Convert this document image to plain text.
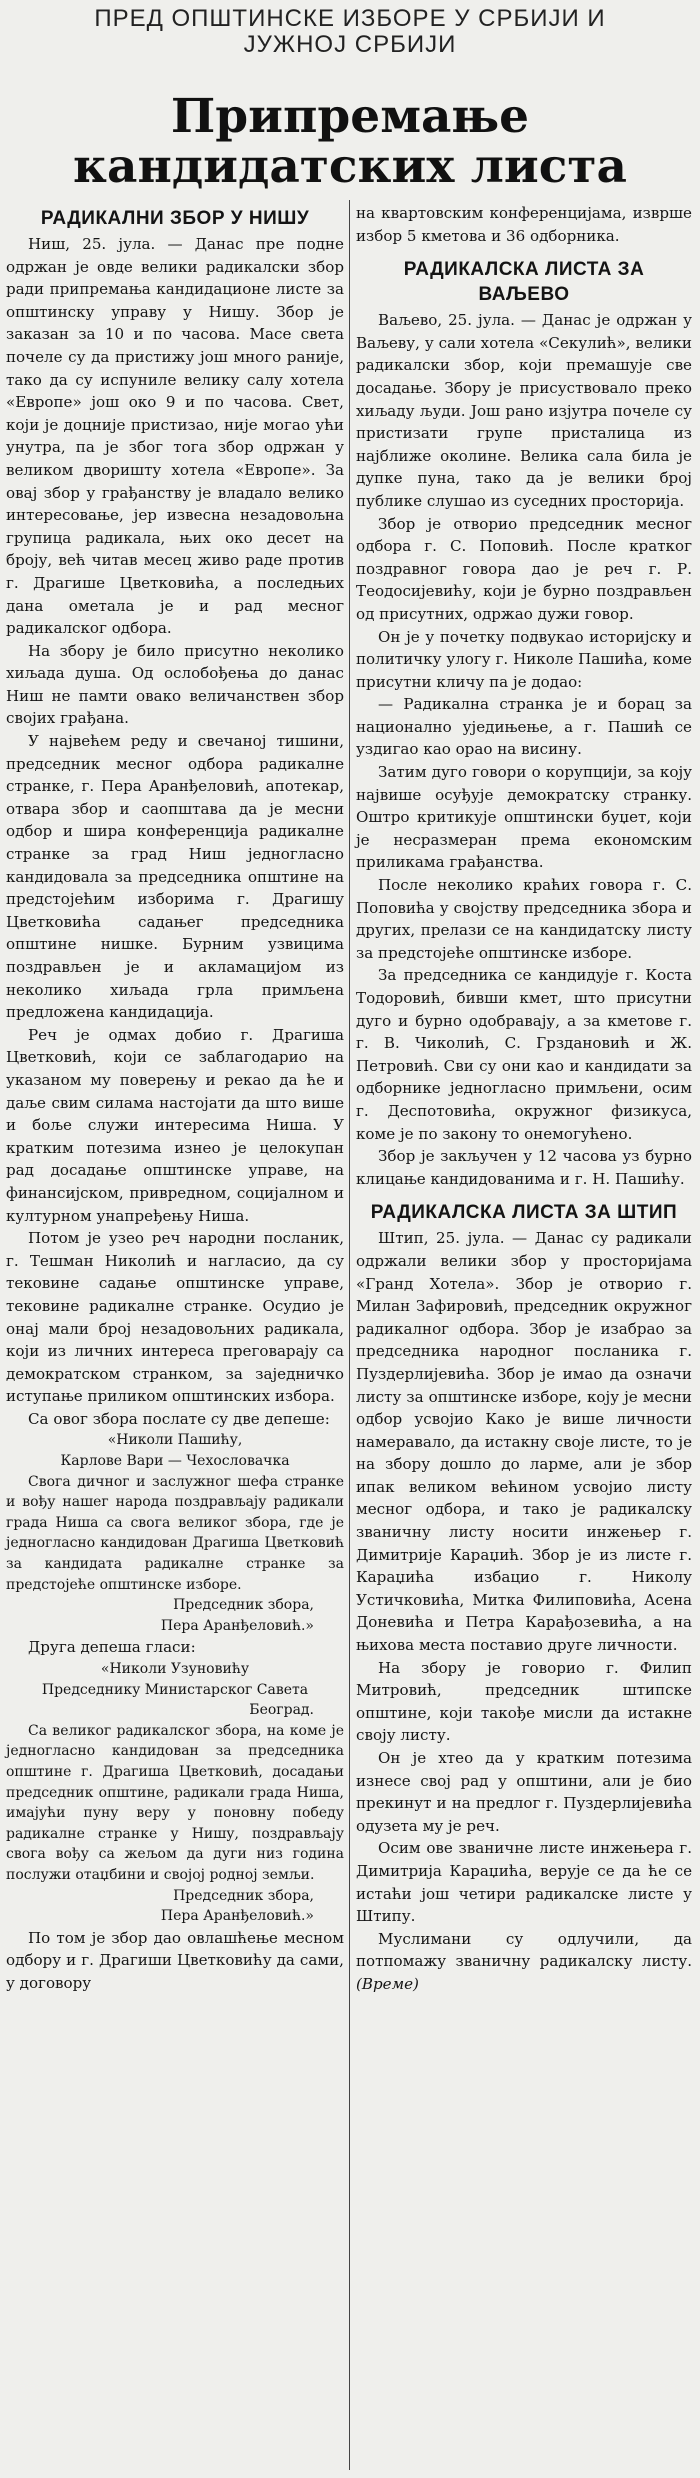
ПРЕД ОПШТИНСКЕ ИЗБОРЕ У СРБИЈИ И ЈУЖНОЈ СРБИЈИ
Припремање кандидатских листа
РАДИКАЛНИ ЗБОР У НИШУ

Ниш, 25. јула. — Данас пре подне одржан је овде велики радикалски збор ради припремања кандидационе листе за општинску управу у Нишу. Збор је заказан за 10 и по часова. Масе света почеле су да пристижу још много раније, тако да су испуниле велику салу хотела «Европе» још око 9 и по часова. Свет, који је доцније пристизао, није могао ући унутра, па је због тога збор одржан у великом дворишту хотела «Европе». За овај збор у грађанству је владало велико интересовање, јер извесна незадовољна групица радикала, њих око десет на броју, већ читав месец живо раде против г. Драгише Цветковића, а последњих дана ометала је и рад месног радикалског одбора.

На збору је било присутно неколико хиљада душа. Од ослобођења до данас Ниш не памти овако величанствен збор својих грађана.

У највећем реду и свечаној тишини, председник месног одбора радикалне странке, г. Пера Аранђеловић, апотекар, отвара збор и саопштава да је месни одбор и шира конференција радикалне странке за град Ниш једногласно кандидовала за председника општине на предстојећим изборима г. Драгишу Цветковића садањег председника општине нишке. Бурним узвицима поздрављен је и акламацијом из неколико хиљада грла примљена предложена кандидација.

Реч је одмах добио г. Драгиша Цветковић, који се заблагодарио на указаном му поверењу и рекао да ће и даље свим силама настојати да што више и боље служи интересима Ниша. У кратким потезима изнео је целокупан рад досадање општинске управе, на финансијском, привредном, социјалном и културном унапређењу Ниша.

Потом је узео реч народни посланик, г. Тешман Николић и нагласио, да су тековине садање општинске управе, тековине радикалне странке. Осудио је онај мали број незадовољних радикала, који из личних интереса преговарају са демократском странком, за заједничко иступање приликом општинских избора.

Са овог збора послате су две депеше:

«Николи Пашићу,

Карлове Вари — Чехословачка

Свога дичног и заслужног шефа странке и вођу нашег народа поздрављају радикали града Ниша са свога великог збора, где је једногласно кандидован Драгиша Цветковић за кандидата радикалне странке за предстојеће општинске изборе.

Председник збора,

Пера Аранђеловић.»

Друга депеша гласи:

«Николи Узуновићу

Председнику Министарског Савета

Београд.

Са великог радикалског збора, на коме је једногласно кандидован за председника општине г. Драгиша Цветковић, досадањи председник општине, радикали града Ниша, имајући пуну веру у поновну победу радикалне странке у Нишу, поздрављају свога вођу са жељом да дуги низ година послужи отаџбини и својој родној земљи.

Председник збора,

Пера Аранђеловић.»

По том је збор дао овлашћење месном одбору и г. Драгиши Цветковићу да сами, у договору

на квартовским конференцијама, изврше избор 5 кметова и 36 одборника.

РАДИКАЛСКА ЛИСТА ЗА ВАЉЕВО

Ваљево, 25. јула. — Данас је одржан у Ваљеву, у сали хотела «Секулић», велики радикалски збор, који премашује све досадање. Збору је присуствовало преко хиљаду људи. Још рано изјутра почеле су пристизати групе присталица из најближе околине. Велика сала била је дупке пуна, тако да је велики број публике слушао из суседних просторија.

Збор је отворио председник месног одбора г. С. Поповић. После кратког поздравног говора дао је реч г. Р. Теодосијевићу, који је бурно поздрављен од присутних, одржао дужи говор.

Он је у почетку подвукао историјску и политичку улогу г. Николе Пашића, коме присутни кличу па је додао:

— Радикална странка је и борац за национално уједињење, а г. Пашић се уздигао као орао на висину.

Затим дуго говори о корупцији, за коју највише осуђује демократску странку. Оштро критикује општински буџет, који је несразмеран према економским приликама грађанства.

После неколико краћих говора г. С. Поповића у својству председника збора и других, прелази се на кандидатску листу за предстојеће општинске изборе.

За председника се кандидује г. Коста Тодоровић, бивши кмет, што присутни дуго и бурно одобравају, а за кметове г. г. В. Чиколић, С. Грздановић и Ж. Петровић. Сви су они као и кандидати за одборнике једногласно примљени, осим г. Деспотовића, окружног физикуса, коме је по закону то онемогућено.

Збор је закључен у 12 часова уз бурно клицање кандидованима и г. Н. Пашићу.

РАДИКАЛСКА ЛИСТА ЗА ШТИП

Штип, 25. јула. — Данас су радикали одржали велики збор у просторијама «Гранд Хотела». Збор је отворио г. Милан Зафировић, председник окружног радикалног одбора. Збор је изабрао за председника народног посланика г. Пуздерлијевића. Збор је имао да означи листу за општинске изборе, коју је месни одбор усвојио Како је више личности намеравало, да истакну своје листе, то је на збору дошло до ларме, али је збор ипак великом већином усвојио листу месног одбора, и тако је радикалску званичну листу носити инжењер г. Димитрије Караџић. Збор је из листе г. Караџића избацио г. Николу Устичковића, Митка Филиповића, Асена Доневића и Петра Карађозевића, а на њихова места поставио друге личности.

На збору је говорио г. Филип Митровић, председник штипске општине, који такође мисли да истакне своју листу.

Он је хтео да у кратким потезима изнесе свој рад у општини, али је био прекинут и на предлог г. Пуздерлијевића одузета му је реч.

Осим ове званичне листе инжењера г. Димитрија Караџића, верује се да ће се истаћи још четири радикалске листе у Штипу.

Муслимани су одлучили, да потпомажу званичну радикалску листу. (Време)
